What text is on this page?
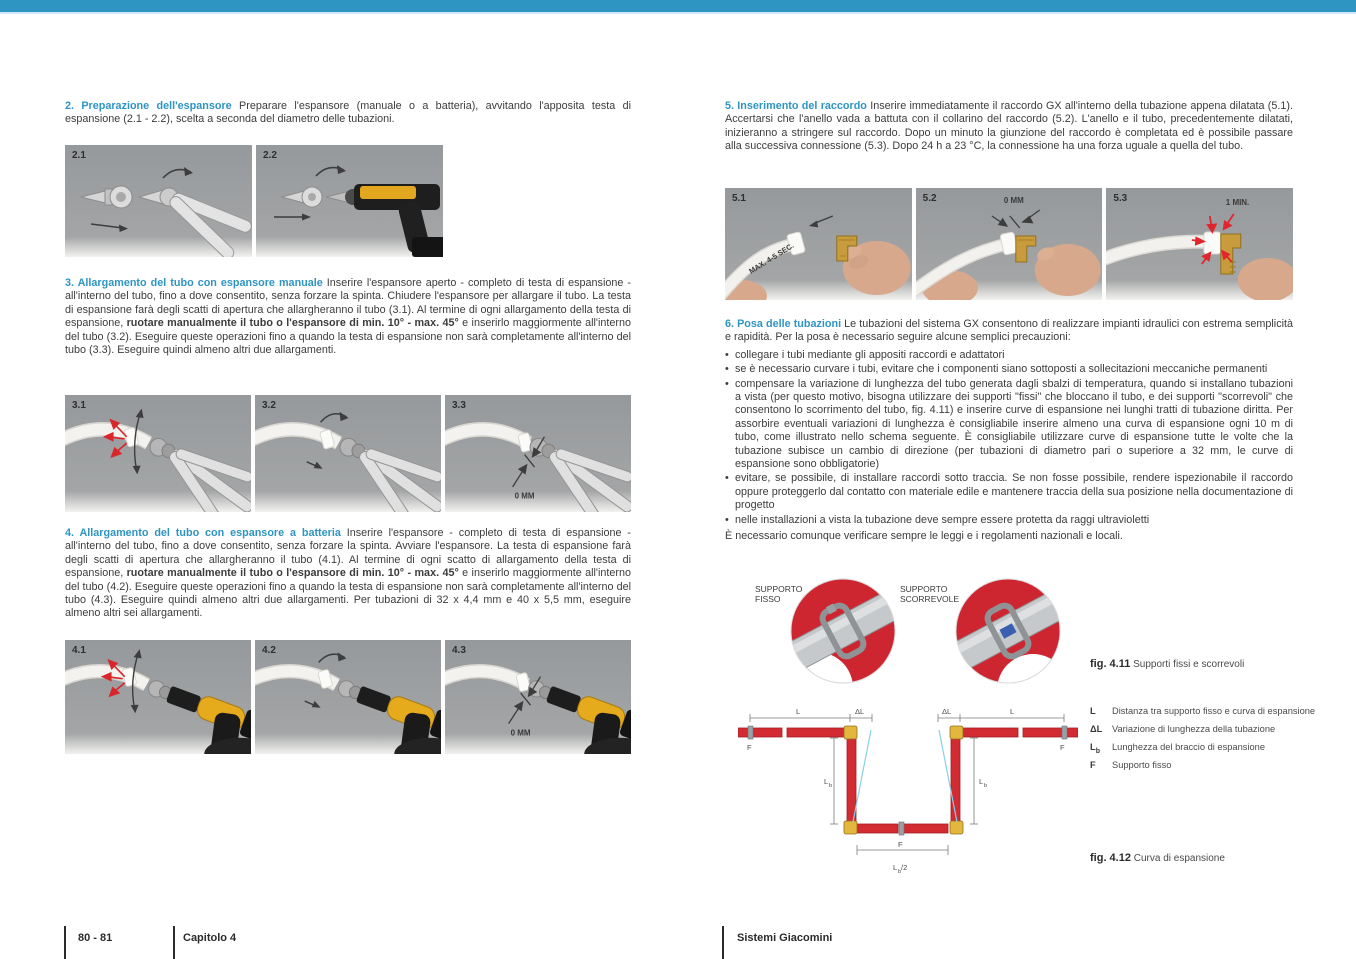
2. Preparazione dell'espansore Preparare l'espansore (manuale o a batteria), avvitando l'apposita testa di espansione (2.1 - 2.2), scelta a seconda del diametro delle tubazioni.
2.1	2.2
3. Allargamento del tubo con espansore manuale Inserire l'espansore aperto - completo di testa di espansione - all'interno del tubo, fino a dove consentito, senza forzare la spinta. Chiudere l'espansore per allargare il tubo. La testa di espansione farà degli scatti di apertura che allargheranno il tubo (3.1). Al termine di ogni allargamento della testa di espansione, ruotare manualmente il tubo o l'espansore di min. 10° - max. 45° e inserirlo maggiormente all'interno del tubo (3.2). Eseguire queste operazioni fino a quando la testa di espansione non sarà completamente all'interno del tubo (3.3). Eseguire quindi almeno altri due allargamenti.
3.1	3.2	3.3
0 MM
4. Allargamento del tubo con espansore a batteria Inserire l'espansore - completo di testa di espansione - all'interno del tubo, fino a dove consentito, senza forzare la spinta. Avviare l'espansore. La testa di espansione farà degli scatti di apertura che allargheranno il tubo (4.1). Al termine di ogni scatto di allargamento della testa di espansione, ruotare manualmente il tubo o l'espansore di min. 10° - max. 45° e inserirlo maggiormente all'interno del tubo (4.2). Eseguire queste operazioni fino a quando la testa di espansione non sarà completamente all'interno del tubo (4.3). Eseguire quindi almeno altri due allargamenti. Per tubazioni di 32 x 4,4 mm e 40 x 5,5 mm, eseguire almeno altri sei allargamenti.
4.1	4.2	4.3
0 MM
5. Inserimento del raccordo Inserire immediatamente il raccordo GX all'interno della tubazione appena dilatata (5.1). Accertarsi che l'anello vada a battuta con il collarino del raccordo (5.2). L'anello e il tubo, precedentemente dilatati, inizieranno a stringere sul raccordo. Dopo un minuto la giunzione del raccordo è completata ed è possibile passare alla successiva connessione (5.3). Dopo 24 h a 23 °C, la connessione ha una forza uguale a quella del tubo.
5.1
MAX. 4-5 SEC.
5.2	0 MM	5.3	1 MIN.
6. Posa delle tubazioni Le tubazioni del sistema GX consentono di realizzare impianti idraulici con estrema semplicità e rapidità. Per la posa è necessario seguire alcune semplici precauzioni:
• collegare i tubi mediante gli appositi raccordi e adattatori
• se è necessario curvare i tubi, evitare che i componenti siano sottoposti a sollecitazioni meccaniche permanenti
• compensare la variazione di lunghezza del tubo generata dagli sbalzi di temperatura, quando si installano tubazioni a vista (per questo motivo, bisogna utilizzare dei supporti "fissi" che bloccano il tubo, e dei supporti "scorrevoli" che consentono lo scorrimento del tubo, fig. 4.11) e inserire curve di espansione nei lunghi tratti di tubazione diritta. Per assorbire eventuali variazioni di lunghezza è consigliabile inserire almeno una curva di espansione ogni 10 m di tubo, come illustrato nello schema seguente. È consigliabile utilizzare curve di espansione tutte le volte che la tubazione subisce un cambio di direzione (per tubazioni di diametro pari o superiore a 32 mm, le curve di espansione sono obbligatorie)
• evitare, se possibile, di installare raccordi sotto traccia. Se non fosse possibile, rendere ispezionabile il raccordo oppure proteggerlo dal contatto con materiale edile e mantenere traccia della sua posizione nella documentazione di progetto
• nelle installazioni a vista la tubazione deve sempre essere protetta da raggi ultravioletti
È necessario comunque verificare sempre le leggi e i regolamenti nazionali e locali.
SUPPORTO
FISSO
SUPPORTO
SCORREVOLE
fig. 4.11 Supporti fissi e scorrevoli
L	Distanza tra supporto fisso e curva di espansione
ΔL	Variazione di lunghezza della tubazione
$L_b$	Lunghezza del braccio di espansione
F	Supporto fisso
L	ΔL	ΔL	L
F
F
F
L b	L b
L b /2
fig. 4.12 Curva di espansione
80 - 81	Capitolo 4	Sistemi Giacomini
